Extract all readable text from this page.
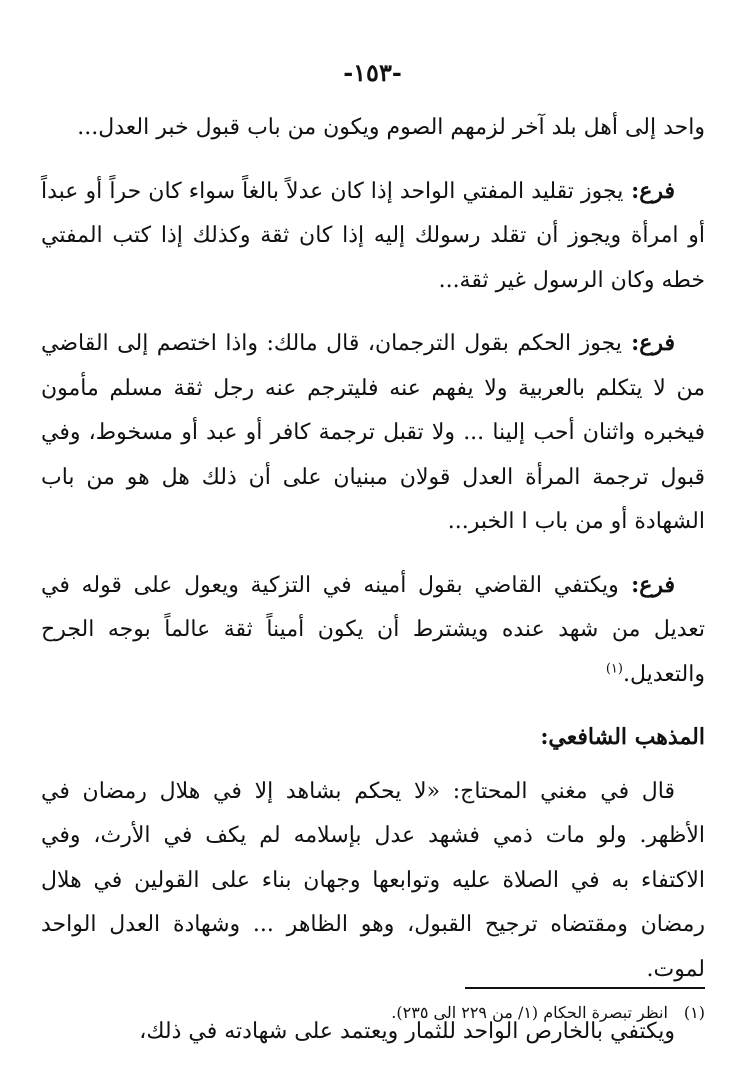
-١٥٣-

واحد إلى أهل بلد آخر لزمهم الصوم ويكون من باب قبول خبر العدل...

فرع: يجوز تقليد المفتي الواحد إذا كان عدلاً بالغاً سواء كان حراً أو عبداً أو امرأة ويجوز أن تقلد رسولك إليه إذا كان ثقة وكذلك إذا كتب المفتي خطه وكان الرسول غير ثقة...

فرع: يجوز الحكم بقول الترجمان، قال مالك: واذا اختصم إلى القاضي من لا يتكلم بالعربية ولا يفهم عنه فليترجم عنه رجل ثقة مسلم مأمون فيخبره واثنان أحب إلينا ... ولا تقبل ترجمة كافر أو عبد أو مسخوط، وفي قبول ترجمة المرأة العدل قولان مبنيان على أن ذلك هل هو من باب الشهادة أو من باب ا الخبر...

فرع: ويكتفي القاضي بقول أمينه في التزكية ويعول على قوله في تعديل من شهد عنده ويشترط أن يكون أميناً ثقة عالماً بوجه الجرح والتعديل.$^{(١)}$

المذهب الشافعي:

قال في مغني المحتاج: «لا يحكم بشاهد إلا في هلال رمضان في الأظهر. ولو مات ذمي فشهد عدل بإسلامه لم يكف في الأرث، وفي الاكتفاء به في الصلاة عليه وتوابعها وجهان بناء على القولين في هلال رمضان ومقتضاه ترجيح القبول، وهو الظاهر ... وشهادة العدل الواحد لموت.

ويكتفي بالخارص الواحد للثمار ويعتمد على شهادته في ذلك،

(١)انظر تبصرة الحكام (١/ من ٢٢٩ الى ٢٣٥).
